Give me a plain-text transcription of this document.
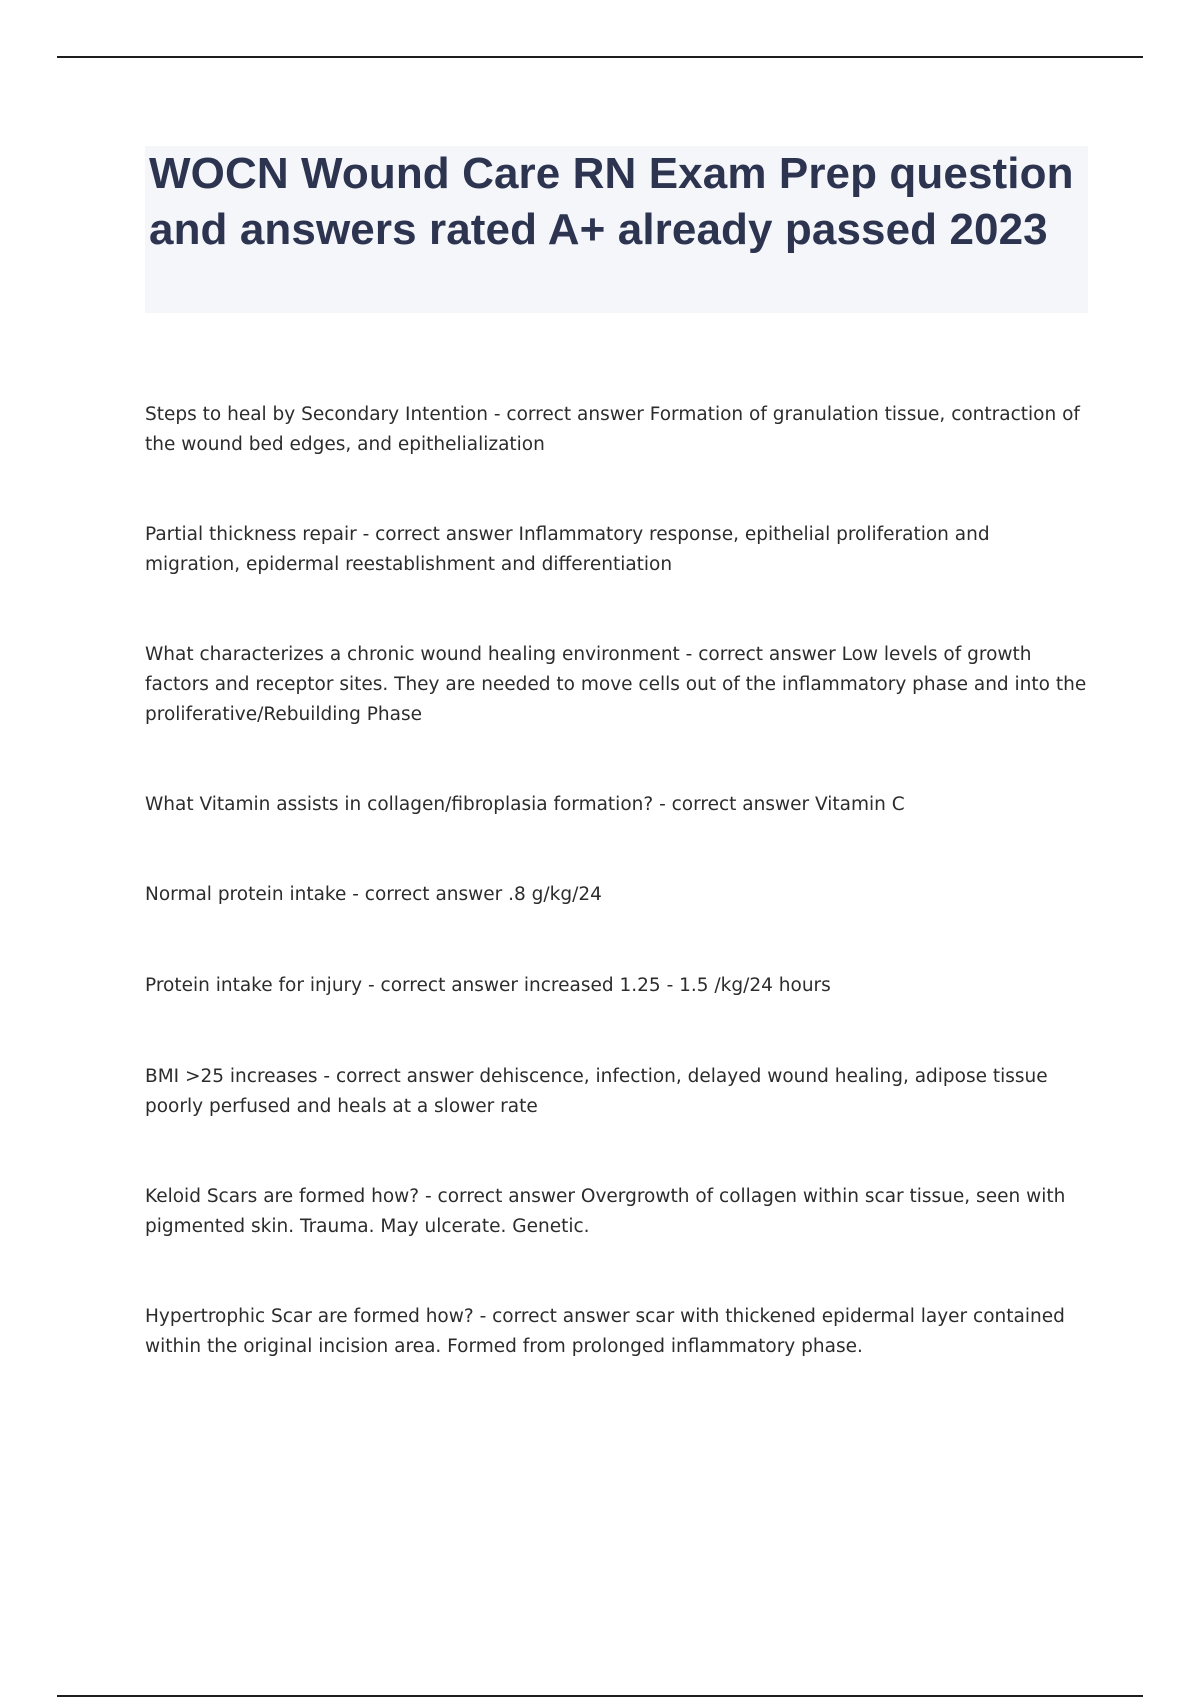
WOCN Wound Care RN Exam Prep question and answers rated A+ already passed 2023

Steps to heal by Secondary Intention - correct answer Formation of granulation tissue, contraction of the wound bed edges, and epithelialization

Partial thickness repair - correct answer Inflammatory response, epithelial proliferation and migration, epidermal reestablishment and differentiation

What characterizes a chronic wound healing environment - correct answer Low levels of growth factors and receptor sites. They are needed to move cells out of the inflammatory phase and into the proliferative/Rebuilding Phase

What Vitamin assists in collagen/fibroplasia formation? - correct answer Vitamin C

Normal protein intake - correct answer .8 g/kg/24

Protein intake for injury - correct answer increased 1.25 - 1.5 /kg/24 hours

BMI >25 increases - correct answer dehiscence, infection, delayed wound healing, adipose tissue poorly perfused and heals at a slower rate

Keloid Scars are formed how? - correct answer Overgrowth of collagen within scar tissue, seen with pigmented skin. Trauma. May ulcerate. Genetic.

Hypertrophic Scar are formed how? - correct answer scar with thickened epidermal layer contained within the original incision area. Formed from prolonged inflammatory phase.
